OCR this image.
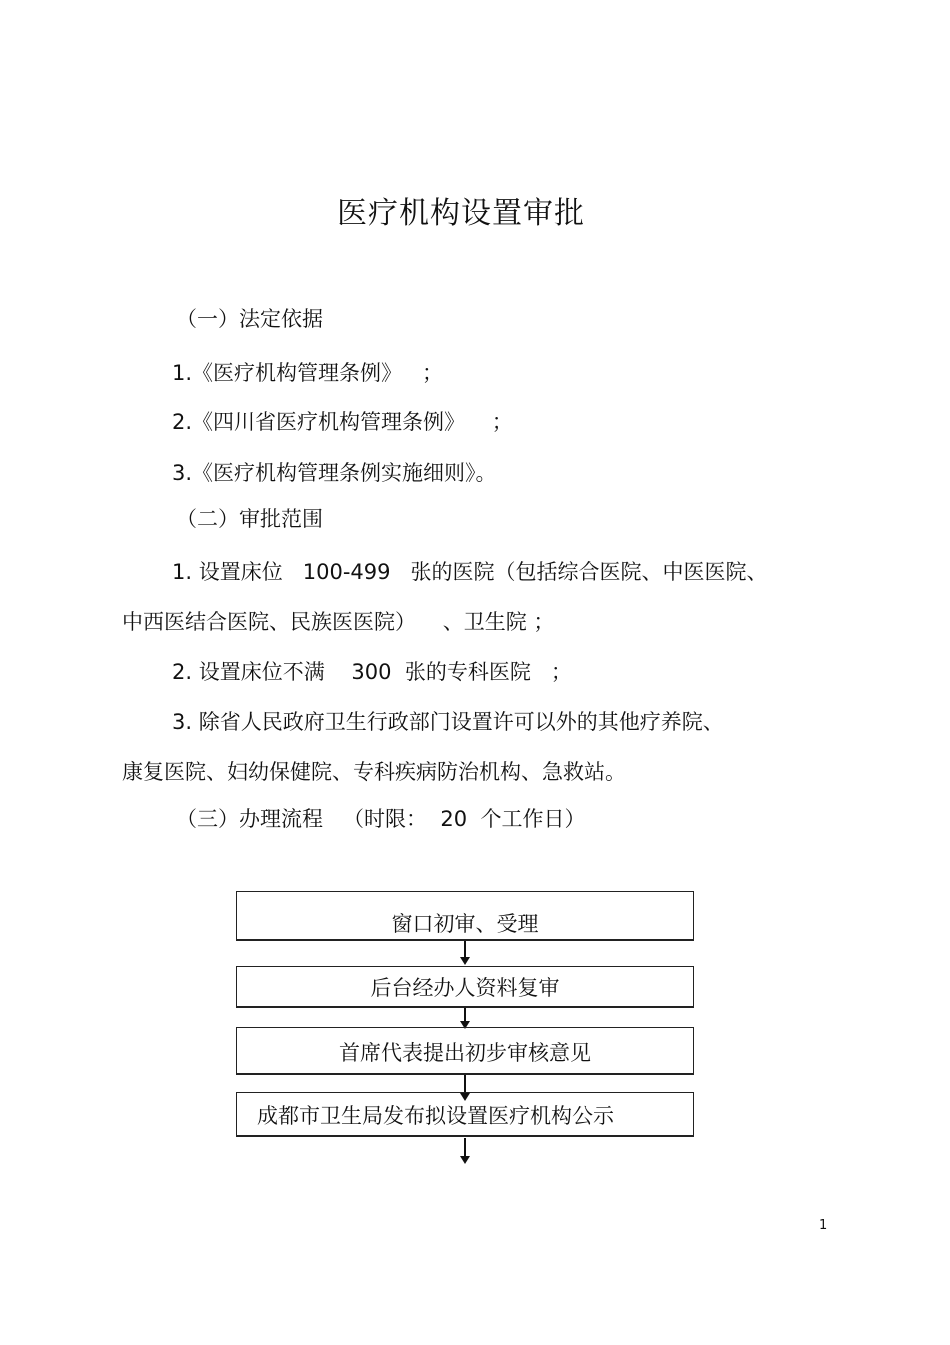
医疗机构设置审批
（一）法定依据
1.《医疗机构管理条例》   ；
2.《四川省医疗机构管理条例》    ；
3.《医疗机构管理条例实施细则》。
（二）审批范围
1. 设置床位   100-499   张的医院（包括综合医院、中医医院、
中西医结合医院、民族医医院）    、卫生院 ；
2. 设置床位不满    300  张的专科医院   ；
3. 除省人民政府卫生行政部门设置许可以外的其他疗养院、
康复医院、妇幼保健院、专科疾病防治机构、急救站。
（三）办理流程   （时限：  20  个工作日）
窗口初审、受理
后台经办人资料复审
首席代表提出初步审核意见
成都市卫生局发布拟设置医疗机构公示
1
